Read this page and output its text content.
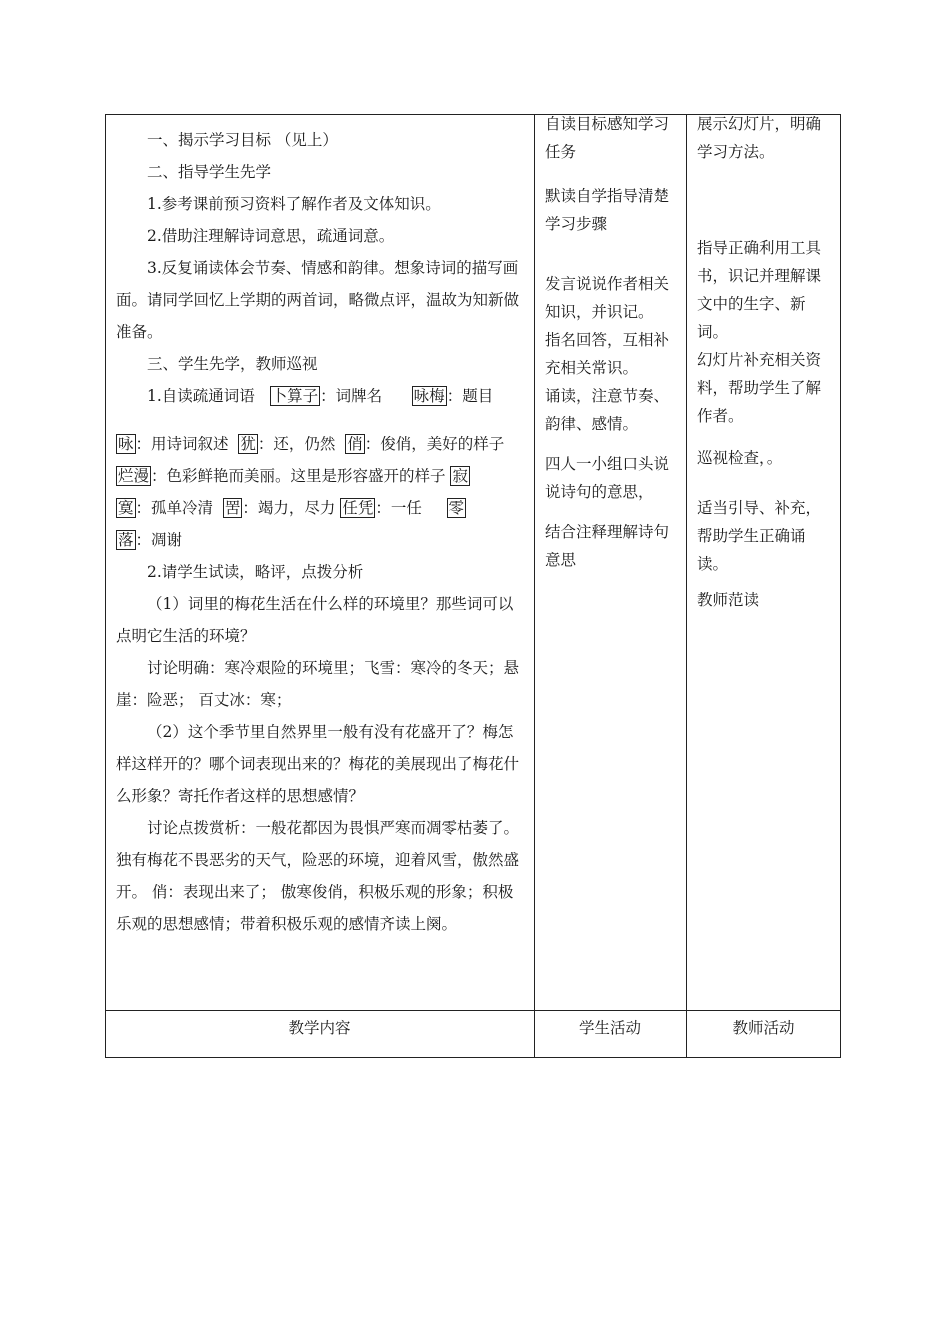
一、揭示学习目标 （见上）

二、指导学生先学

1.参考课前预习资料了解作者及文体知识。

2.借助注理解诗词意思，疏通词意。

3.反复诵读体会节奏、情感和韵律。想象诗词的描写画面。请同学回忆上学期的两首词，略微点评，温故为知新做准备。

三、学生先学，教师巡视

1.自读疏通词语 卜算子 ：词牌名 咏梅 ：题目

咏 ：用诗词叙述 犹 ：还，仍然 俏 ：俊俏，美好的样子

烂漫 ：色彩鲜艳而美丽。这里是形容盛开的样子 寂

寞 ：孤单冷清 罟 ：竭力，尽力 任凭 ：一任 零

落 ：凋谢

2.请学生试读，略评，点拨分析

（1）词里的梅花生活在什么样的环境里？那些词可以点明它生活的环境？

讨论明确：寒冷艰险的环境里；飞雪：寒冷的冬天；悬崖：险恶； 百丈冰：寒；

（2）这个季节里自然界里一般有没有花盛开了？梅怎样这样开的？哪个词表现出来的？梅花的美展现出了梅花什么形象？寄托作者这样的思想感情？

讨论点拨赏析：一般花都因为畏惧严寒而凋零枯萎了。 独有梅花不畏恶劣的天气，险恶的环境，迎着风雪，傲然盛开。 俏：表现出来了； 傲寒俊俏，积极乐观的形象；积极乐观的思想感情；带着积极乐观的感情齐读上阕。

自读目标感知学习任务

默读自学指导清楚学习步骤

发言说说作者相关知识，并识记。

指名回答，互相补充相关常识。

诵读，注意节奏、韵律、感情。

四人一小组口头说说诗句的意思，

结合注释理解诗句意思

展示幻灯片，明确学习方法。

指导正确利用工具书，识记并理解课文中的生字、新词。

幻灯片补充相关资料，帮助学生了解作者。

巡视检查，。

适当引导、补充，帮助学生正确诵读。

教师范读

教学内容	学生活动	教师活动
